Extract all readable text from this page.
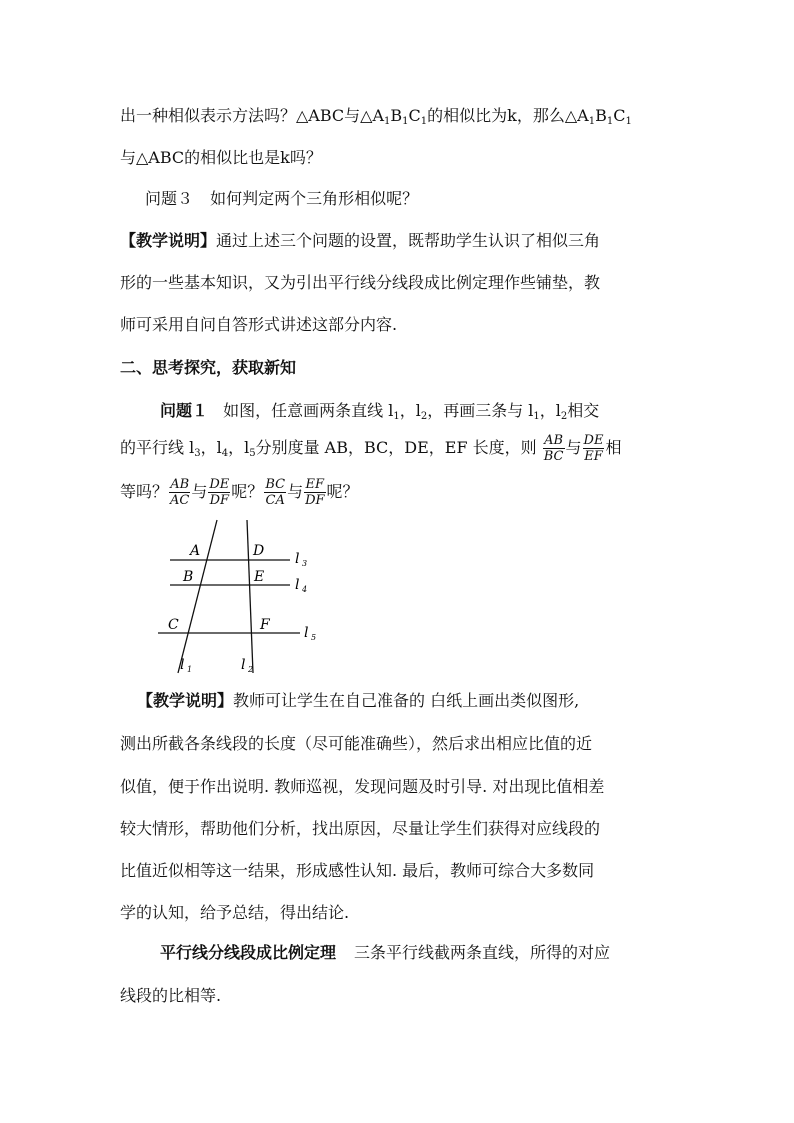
出一种相似表示方法吗？△ABC与$\triangle A_1B_1C_1$的相似比为k，那么$\triangle A_1B_1C_1$
与△ABC的相似比也是k吗？
问题３ 如何判定两个三角形相似呢？
【教学说明】通过上述三个问题的设置，既帮助学生认识了相似三角
形的一些基本知识，又为引出平行线分线段成比例定理作些铺垫，教
师可采用自问自答形式讲述这部分内容.
二、思考探究，获取新知
问题１ 如图，任意画两条直线 $l_1$，$l_2$，再画三条与 $l_1$，$l_2$相交
的平行线 $l_3$，$l_4$，$l_5$分别度量 AB，BC，DE，EF 长度，则 $\frac{AB}{BC}$ 与 $\frac{DE}{EF}$ 相
等吗？ $\frac{AB}{AC}$ 与 $\frac{DE}{DF}$ 呢？ $\frac{BC}{CA}$ 与 $\frac{EF}{DF}$ 呢？
A	D
B	E
C	F
l 3
l 4
l 5
l 1	l 2
【教学说明】教师可让学生在自己准备的 白纸上画出类似图形,
测出所截各条线段的长度（尽可能准确些），然后求出相应比值的近
似值，便于作出说明. 教师巡视，发现问题及时引导. 对出现比值相差
较大情形，帮助他们分析，找出原因，尽量让学生们获得对应线段的
比值近似相等这一结果，形成感性认知. 最后，教师可综合大多数同
学的认知，给予总结，得出结论.
平行线分线段成比例定理 三条平行线截两条直线，所得的对应
线段的比相等.
